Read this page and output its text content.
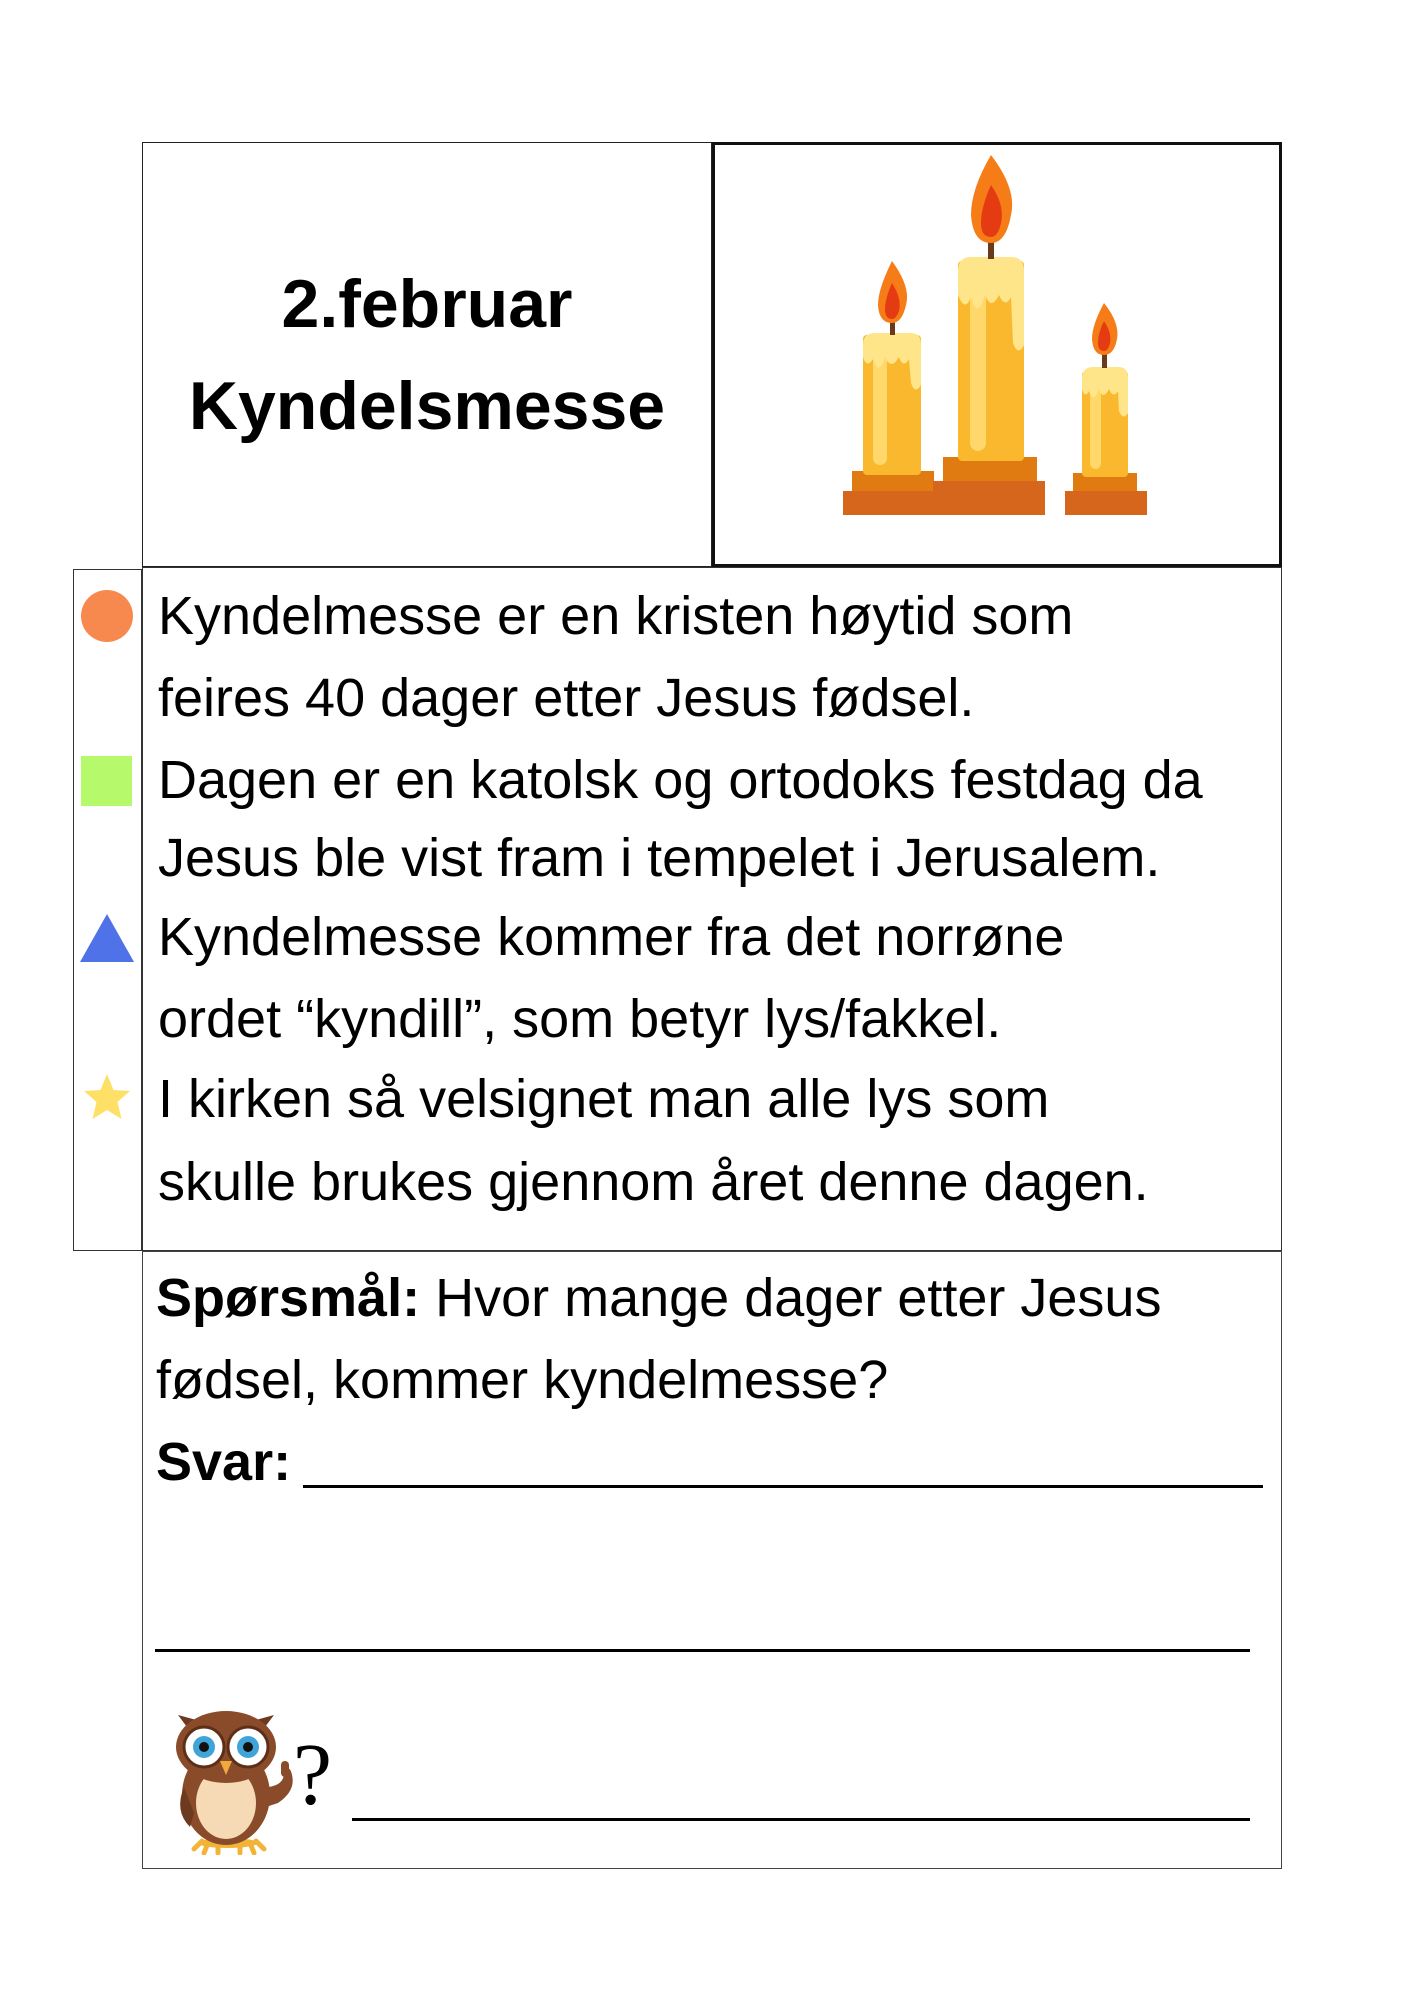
2.februar
Kyndelsmesse
Kyndelmesse er en kristen høytid som
feires 40 dager etter Jesus fødsel.
Dagen er en katolsk og ortodoks festdag da
Jesus ble vist fram i tempelet i Jerusalem.
Kyndelmesse kommer fra det norrøne
ordet “kyndill”, som betyr lys/fakkel.
I kirken så velsignet man alle lys som
skulle brukes gjennom året denne dagen.
Spørsmål: Hvor mange dager etter Jesus
fødsel, kommer kyndelmesse?
Svar:
?
